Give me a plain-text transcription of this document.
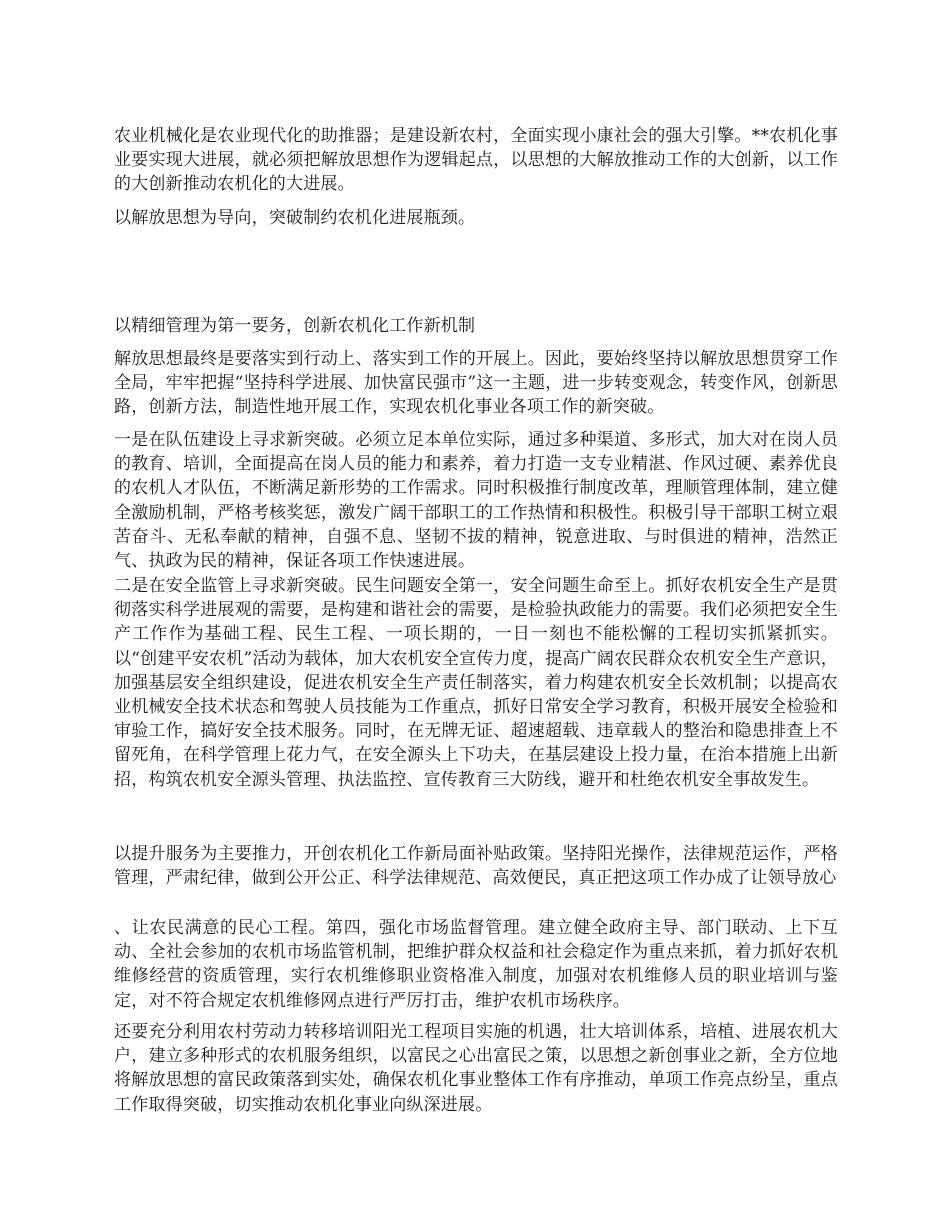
农业机械化是农业现代化的助推器；是建设新农村，全面实现小康社会的强大引擎。**农机化事业要实现大进展，就必须把解放思想作为逻辑起点，以思想的大解放推动工作的大创新，以工作的大创新推动农机化的大进展。

以解放思想为导向，突破制约农机化进展瓶颈。

以精细管理为第一要务，创新农机化工作新机制

解放思想最终是要落实到行动上、落实到工作的开展上。因此，要始终坚持以解放思想贯穿工作全局，牢牢把握“坚持科学进展、加快富民强市”这一主题，进一步转变观念，转变作风，创新思路，创新方法，制造性地开展工作，实现农机化事业各项工作的新突破。

一是在队伍建设上寻求新突破。必须立足本单位实际，通过多种渠道、多形式，加大对在岗人员的教育、培训，全面提高在岗人员的能力和素养，着力打造一支专业精湛、作风过硬、素养优良的农机人才队伍，不断满足新形势的工作需求。同时积极推行制度改革，理顺管理体制，建立健全激励机制，严格考核奖惩，激发广阔干部职工的工作热情和积极性。积极引导干部职工树立艰苦奋斗、无私奉献的精神，自强不息、坚韧不拔的精神，锐意进取、与时俱进的精神，浩然正气、执政为民的精神，保证各项工作快速进展。

二是在安全监管上寻求新突破。民生问题安全第一，安全问题生命至上。抓好农机安全生产是贯彻落实科学进展观的需要，是构建和谐社会的需要，是检验执政能力的需要。我们必须把安全生产工作作为基础工程、民生工程、一项长期的，一日一刻也不能松懈的工程切实抓紧抓实。以“创建平安农机”活动为载体，加大农机安全宣传力度，提高广阔农民群众农机安全生产意识，加强基层安全组织建设，促进农机安全生产责任制落实，着力构建农机安全长效机制；以提高农业机械安全技术状态和驾驶人员技能为工作重点，抓好日常安全学习教育，积极开展安全检验和审验工作，搞好安全技术服务。同时，在无牌无证、超速超载、违章载人的整治和隐患排查上不留死角，在科学管理上花力气，在安全源头上下功夫，在基层建设上投力量，在治本措施上出新招，构筑农机安全源头管理、执法监控、宣传教育三大防线，避开和杜绝农机安全事故发生。

以提升服务为主要推力，开创农机化工作新局面补贴政策。坚持阳光操作，法律规范运作，严格管理，严肃纪律，做到公开公正、科学法律规范、高效便民，真正把这项工作办成了让领导放心

、让农民满意的民心工程。第四，强化市场监督管理。建立健全政府主导、部门联动、上下互动、全社会参加的农机市场监管机制，把维护群众权益和社会稳定作为重点来抓，着力抓好农机维修经营的资质管理，实行农机维修职业资格准入制度，加强对农机维修人员的职业培训与鉴定，对不符合规定农机维修网点进行严厉打击，维护农机市场秩序。

还要充分利用农村劳动力转移培训阳光工程项目实施的机遇，壮大培训体系，培植、进展农机大户，建立多种形式的农机服务组织，以富民之心出富民之策，以思想之新创事业之新，全方位地将解放思想的富民政策落到实处，确保农机化事业整体工作有序推动，单项工作亮点纷呈，重点工作取得突破，切实推动农机化事业向纵深进展。
